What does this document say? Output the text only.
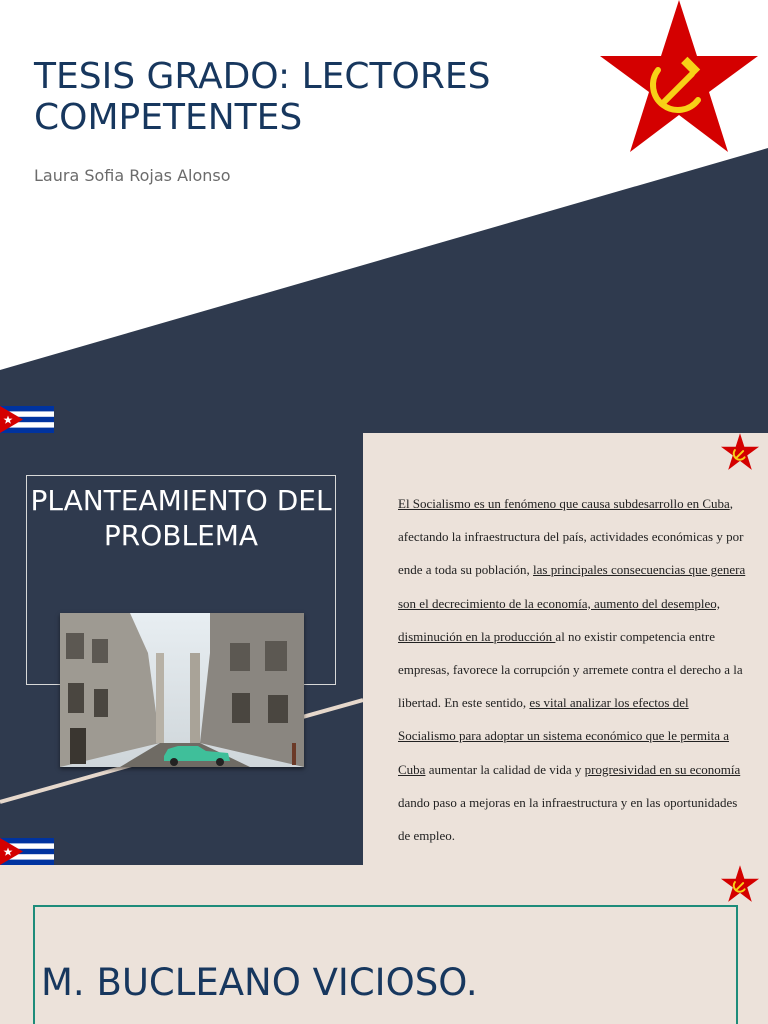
TESIS GRADO: LECTORES COMPETENTES
Laura Sofia Rojas Alonso
PLANTEAMIENTO DEL PROBLEMA

El Socialismo es un fenómeno que causa subdesarrollo en Cuba, afectando la infraestructura del país, actividades económicas y por ende a toda su población, las principales consecuencias que genera son el decrecimiento de la economía, aumento del desempleo, disminución en la producción al no existir competencia entre empresas, favorece la corrupción y arremete contra el derecho a la libertad. En este sentido, es vital analizar los efectos del Socialismo para adoptar un sistema económico que le permita a Cuba aumentar la calidad de vida y progresividad en su economía dando paso a mejoras en la infraestructura y en las oportunidades de empleo.

M. BUCLEANO VICIOSO.
